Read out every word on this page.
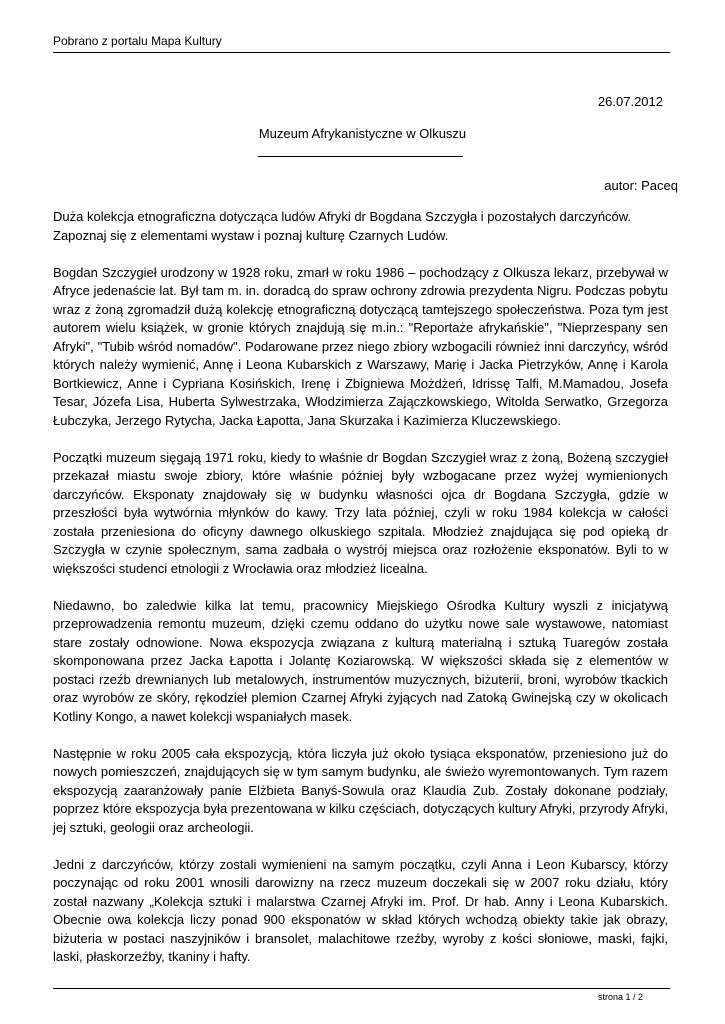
Pobrano z portalu Mapa Kultury
26.07.2012
Muzeum Afrykanistyczne w Olkuszu
autor: Paceq

Duża kolekcja etnograficzna dotycząca ludów Afryki dr Bogdana Szczygła i pozostałych darczyńców. Zapoznaj się z elementami wystaw i poznaj kulturę Czarnych Ludów.

Bogdan Szczygieł urodzony w 1928 roku, zmarł w roku 1986 – pochodzący z Olkusza lekarz, przebywał w Afryce jedenaście lat. Był tam m. in. doradcą do spraw ochrony zdrowia prezydenta Nigru. Podczas pobytu wraz z żoną zgromadził dużą kolekcję etnograficzną dotyczącą tamtejszego społeczeństwa. Poza tym jest autorem wielu książek, w gronie których znajdują się m.in.: "Reportaże afrykańskie", "Nieprzespany sen Afryki", "Tubib wśród nomadów". Podarowane przez niego zbiory wzbogacili również inni darczyńcy, wśród których należy wymienić, Annę i Leona Kubarskich z Warszawy, Marię i Jacka Pietrzyków, Annę i Karola Bortkiewicz, Anne i Cypriana Kosińskich, Irenę i Zbigniewa Możdżeń, Idrissę Talfi, M.Mamadou, Josefa Tesar, Józefa Lisa, Huberta Sylwestrzaka, Włodzimierza Zajączkowskiego, Witolda Serwatko, Grzegorza Łubczyka, Jerzego Rytycha, Jacka Łapotta, Jana Skurzaka i Kazimierza Kluczewskiego.

Początki muzeum sięgają 1971 roku, kiedy to właśnie dr Bogdan Szczygieł wraz z żoną, Bożeną szczygieł przekazał miastu swoje zbiory, które właśnie później były wzbogacane przez wyżej wymienionych darczyńców. Eksponaty znajdowały się w budynku własności ojca dr Bogdana Szczygła, gdzie w przeszłości była wytwórnia młynków do kawy. Trzy lata później, czyli w roku 1984 kolekcja w całości została przeniesiona do oficyny dawnego olkuskiego szpitala. Młodzież znajdująca się pod opieką dr Szczygła w czynie społecznym, sama zadbała o wystrój miejsca oraz rozłożenie eksponatów. Byli to w większości studenci etnologii z Wrocławia oraz młodzież licealna.

Niedawno, bo zaledwie kilka lat temu, pracownicy Miejskiego Ośrodka Kultury wyszli z inicjatywą przeprowadzenia remontu muzeum, dzięki czemu oddano do użytku nowe sale wystawowe, natomiast stare zostały odnowione. Nowa ekspozycja związana z kulturą materialną i sztuką Tuaregów została skomponowana przez Jacka Łapotta i Jolantę Koziarowską. W większości składa się z elementów w postaci rzeźb drewnianych lub metalowych, instrumentów muzycznych, biżuterii, broni, wyrobów tkackich oraz wyrobów ze skóry, rękodzieł plemion Czarnej Afryki żyjących nad Zatoką Gwinejską czy w okolicach Kotliny Kongo, a nawet kolekcji wspaniałych masek.

Następnie w roku 2005 cała ekspozycją, która liczyła już około tysiąca eksponatów, przeniesiono już do nowych pomieszczeń, znajdujących się w tym samym budynku, ale świeżo wyremontowanych. Tym razem ekspozycją zaaranżowały panie Elżbieta Banyś-Sowula oraz Klaudia Zub. Zostały dokonane podziały, poprzez które ekspozycja była prezentowana w kilku częściach, dotyczących kultury Afryki, przyrody Afryki, jej sztuki, geologii oraz archeologii.

Jedni z darczyńców, którzy zostali wymienieni na samym początku, czyli Anna i Leon Kubarscy, którzy poczynając od roku 2001 wnosili darowizny na rzecz muzeum doczekali się w 2007 roku działu, który został nazwany „Kolekcja sztuki i malarstwa Czarnej Afryki im. Prof. Dr hab. Anny i Leona Kubarskich. Obecnie owa kolekcja liczy ponad 900 eksponatów w skład których wchodzą obiekty takie jak obrazy, biżuteria w postaci naszyjników i bransolet, malachitowe rzeźby, wyroby z kości słoniowe, maski, fajki, laski, płaskorzeźby, tkaniny i hafty.

strona 1 / 2
